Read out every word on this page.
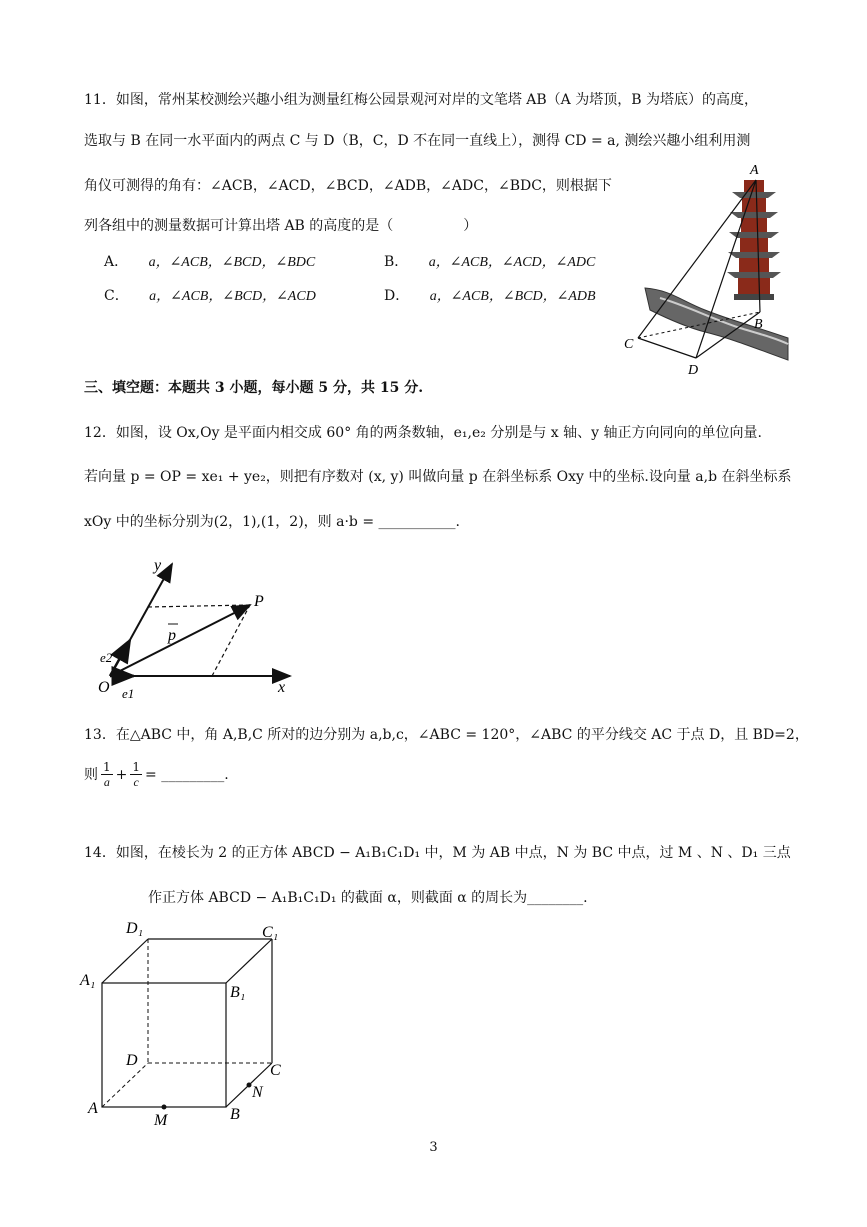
11．如图，常州某校测绘兴趣小组为测量红梅公园景观河对岸的文笔塔 AB（A 为塔顶，B 为塔底）的高度，
选取与 B 在同一水平面内的两点 C 与 D（B，C，D 不在同一直线上），测得 CD = a, 测绘兴趣小组利用测
角仪可测得的角有：∠ACB，∠ACD，∠BCD，∠ADB，∠ADC，∠BDC，则根据下
列各组中的测量数据可计算出塔 AB 的高度的是（　　　　　）
A． a，∠ACB，∠BCD，∠BDC	B． a，∠ACB，∠ACD，∠ADC
C． a，∠ACB，∠BCD，∠ACD	D． a，∠ACB，∠BCD，∠ADB
A
B
C
D
三、填空题：本题共 3 小题，每小题 5 分，共 15 分.
12．如图，设 Ox,Oy 是平面内相交成 60° 角的两条数轴，e₁,e₂ 分别是与 x 轴、y 轴正方向同向的单位向量.
若向量 p = OP = xe₁ + ye₂，则把有序数对 (x, y) 叫做向量 p 在斜坐标系 Oxy 中的坐标.设向量 a,b 在斜坐标系
xOy 中的坐标分别为(2，1),(1，2)，则 a·b = ___________.
y
x
O
P
p
e2
e1
13．在△ABC 中，角 A,B,C 所对的边分别为 a,b,c，∠ABC = 120°，∠ABC 的平分线交 AC 于点 D，且 BD=2，
则 $\frac{1}{a} + \frac{1}{c}$ = _________.
14．如图，在棱长为 2 的正方体 ABCD − A₁B₁C₁D₁ 中，M 为 AB 中点，N 为 BC 中点，过 M 、N 、D₁ 三点
作正方体 ABCD − A₁B₁C₁D₁ 的截面 α，则截面 α 的周长为________.
D₁	C₁
A₁
B₁
D
C
N
A
M	B
3
